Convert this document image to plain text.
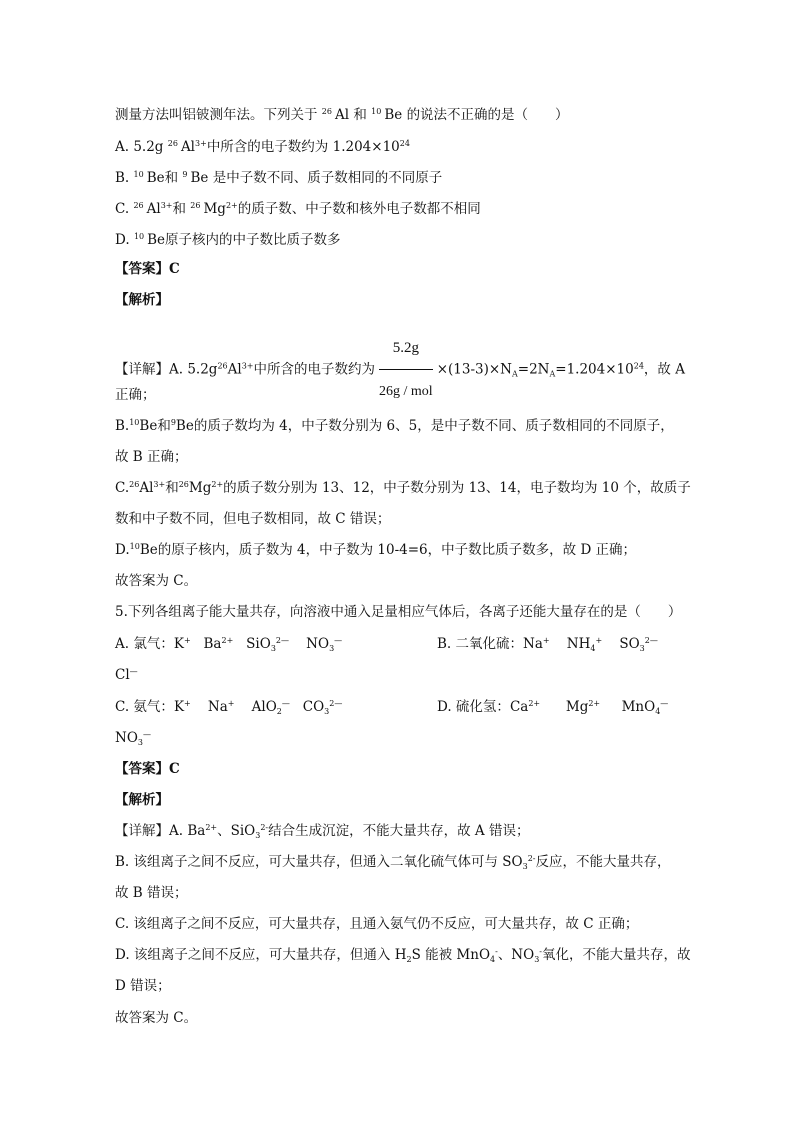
测量方法叫铝铍测年法。下列关于 $^{26}$ Al 和 $^{10}$ Be 的说法不正确的是（　　）
A. 5.2g $^{26}$ $Al^{3+}$中所含的电子数约为 $1.204\times 10^{24}$
B. $^{10}$ Be和 $^9$ Be 是中子数不同、质子数相同的不同原子
C. $^{26}$ $Al^{3+}$和 $^{26}$ $Mg^{2+}$的质子数、中子数和核外电子数都不相同
D. $^{10}$ Be原子核内的中子数比质子数多
【答案】C
【解析】
【详解】A. $5.2g^{26}Al^{3+}$中所含的电子数约为 $\frac{5.2g}{\text{26g / mol}} \times(13-3)\times N_A=2N_A=1.204\times 10^{24}$，故 A
正确；
B.$^{10}$Be和$^9$Be的质子数均为 4，中子数分别为 6、5，是中子数不同、质子数相同的不同原子，
故 B 正确；
$C.^{26}Al^{3+}$和$^{26}Mg^{2+}$的质子数分别为 13、12，中子数分别为 13、14，电子数均为 10 个，故质子
数和中子数不同，但电子数相同，故 C 错误；
D.$^{10}$Be的原子核内，质子数为 4，中子数为 10-4=6，中子数比质子数多，故 D 正确；
故答案为 C。
5.下列各组离子能大量共存，向溶液中通入足量相应气体后，各离子还能大量存在的是（　　）
A. 氯气：K+ $Ba^{2+}$ SiO$_3^{2—}$ $NO_3^—$	B. 二氧化硫：Na+ $NH_4^+$ $SO_3^{2—}$
Cl—
C. 氨气：K+ Na+ AlO$_2$— $CO_3^{2—}$	D. 硫化氢：$Ca^{2+}$ $Mg^{2+}$ MnO$_4$—
$NO_3^—$
【答案】C
【解析】
【详解】A. $Ba^{2+}$、SiO$_3^{2-}$结合生成沉淀，不能大量共存，故 A 错误；
B. 该组离子之间不反应，可大量共存，但通入二氧化硫气体可与 $SO_3^{2-}$反应，不能大量共存，
故 B 错误；
C. 该组离子之间不反应，可大量共存，且通入氨气仍不反应，可大量共存，故 C 正确；
D. 该组离子之间不反应，可大量共存，但通入 $H_2S$ 能被 MnO$_4$-、$NO_3^-$氧化，不能大量共存，故
D 错误；
故答案为 C。
